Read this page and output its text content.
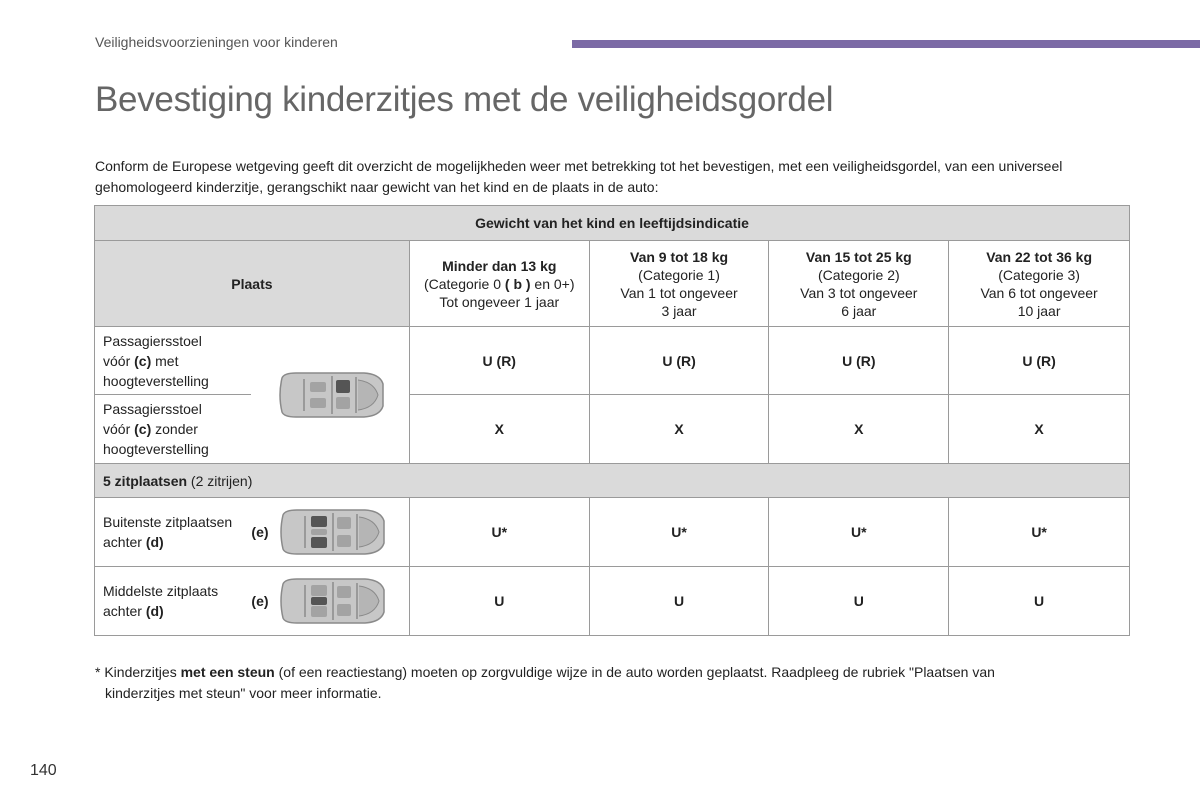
Veiligheidsvoorzieningen voor kinderen
Bevestiging kinderzitjes met de veiligheidsgordel

Conform de Europese wetgeving geeft dit overzicht de mogelijkheden weer met betrekking tot het bevestigen, met een veiligheidsgordel, van een universeel gehomologeerd kinderzitje, gerangschikt naar gewicht van het kind en de plaats in de auto:

Gewicht van het kind en leeftijdsindicatie					
Plaats		Minder dan 13 kg
(Categorie 0 ( b ) en 0+)
Tot ongeveer 1 jaar	Van 9 tot 18 kg
(Categorie 1)
Van 1 tot ongeveer
3 jaar	Van 15 tot 25 kg
(Categorie 2)
Van 3 tot ongeveer
6 jaar	Van 22 tot 36 kg
(Categorie 3)
Van 6 tot ongeveer
10 jaar

Passagiersstoel
vóór (c) met
hoogteverstelling		U (R)	U (R)	U (R)	U (R)

Passagiersstoel
vóór (c) zonder
hoogteverstelling		X	X	X	X
5 zitplaatsen (2 zitrijen)					

Buitenste zitplaatsen
achter (d)	(e)	U*	U*	U*	U*

Middelste zitplaats
achter (d)	(e)	U	U	U	U

* Kinderzitjes met een steun (of een reactiestang) moeten op zorgvuldige wijze in de auto worden geplaatst. Raadpleeg de rubriek "Plaatsen van
kinderzitjes met steun" voor meer informatie.

140
